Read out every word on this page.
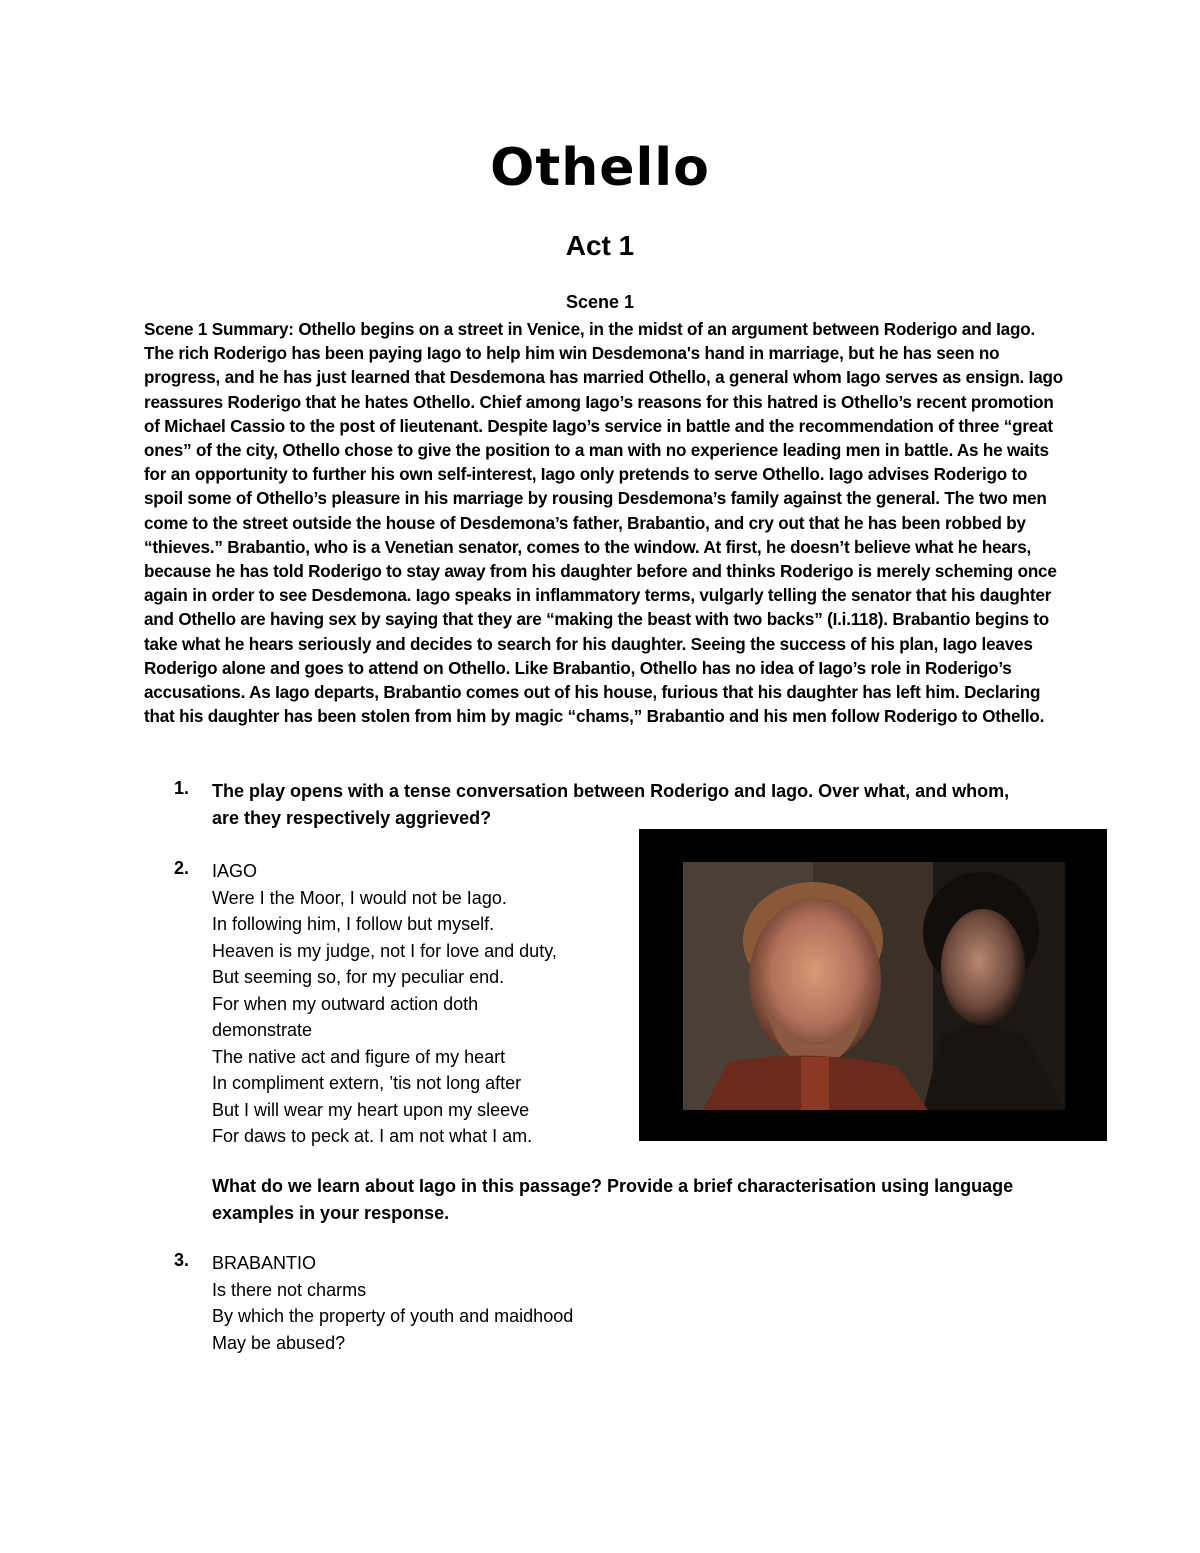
Othello
Act 1
Scene 1

Scene 1 Summary: Othello begins on a street in Venice, in the midst of an argument between Roderigo and Iago.
The rich Roderigo has been paying Iago to help him win Desdemona's hand in marriage, but he has seen no
progress, and he has just learned that Desdemona has married Othello, a general whom Iago serves as ensign. Iago
reassures Roderigo that he hates Othello. Chief among Iago’s reasons for this hatred is Othello’s recent promotion
of Michael Cassio to the post of lieutenant. Despite Iago’s service in battle and the recommendation of three “great
ones” of the city, Othello chose to give the position to a man with no experience leading men in battle. As he waits
for an opportunity to further his own self-interest, Iago only pretends to serve Othello. Iago advises Roderigo to
spoil some of Othello’s pleasure in his marriage by rousing Desdemona’s family against the general. The two men
come to the street outside the house of Desdemona’s father, Brabantio, and cry out that he has been robbed by
“thieves.” Brabantio, who is a Venetian senator, comes to the window. At first, he doesn’t believe what he hears,
because he has told Roderigo to stay away from his daughter before and thinks Roderigo is merely scheming once
again in order to see Desdemona. Iago speaks in inflammatory terms, vulgarly telling the senator that his daughter
and Othello are having sex by saying that they are “making the beast with two backs” (I.i.118). Brabantio begins to
take what he hears seriously and decides to search for his daughter. Seeing the success of his plan, Iago leaves
Roderigo alone and goes to attend on Othello. Like Brabantio, Othello has no idea of Iago’s role in Roderigo’s
accusations. As Iago departs, Brabantio comes out of his house, furious that his daughter has left him. Declaring
that his daughter has been stolen from him by magic “chams,” Brabantio and his men follow Roderigo to Othello.

1. The play opens with a tense conversation between Roderigo and Iago. Over what, and whom,
are they respectively aggrieved?
2. IAGO
Were I the Moor, I would not be Iago.
In following him, I follow but myself.
Heaven is my judge, not I for love and duty,
But seeming so, for my peculiar end.
For when my outward action doth
demonstrate
The native act and figure of my heart
In compliment extern, ’tis not long after
But I will wear my heart upon my sleeve
For daws to peck at. I am not what I am.
What do we learn about Iago in this passage? Provide a brief characterisation using language
examples in your response.
3. BRABANTIO
Is there not charms
By which the property of youth and maidhood
May be abused?
